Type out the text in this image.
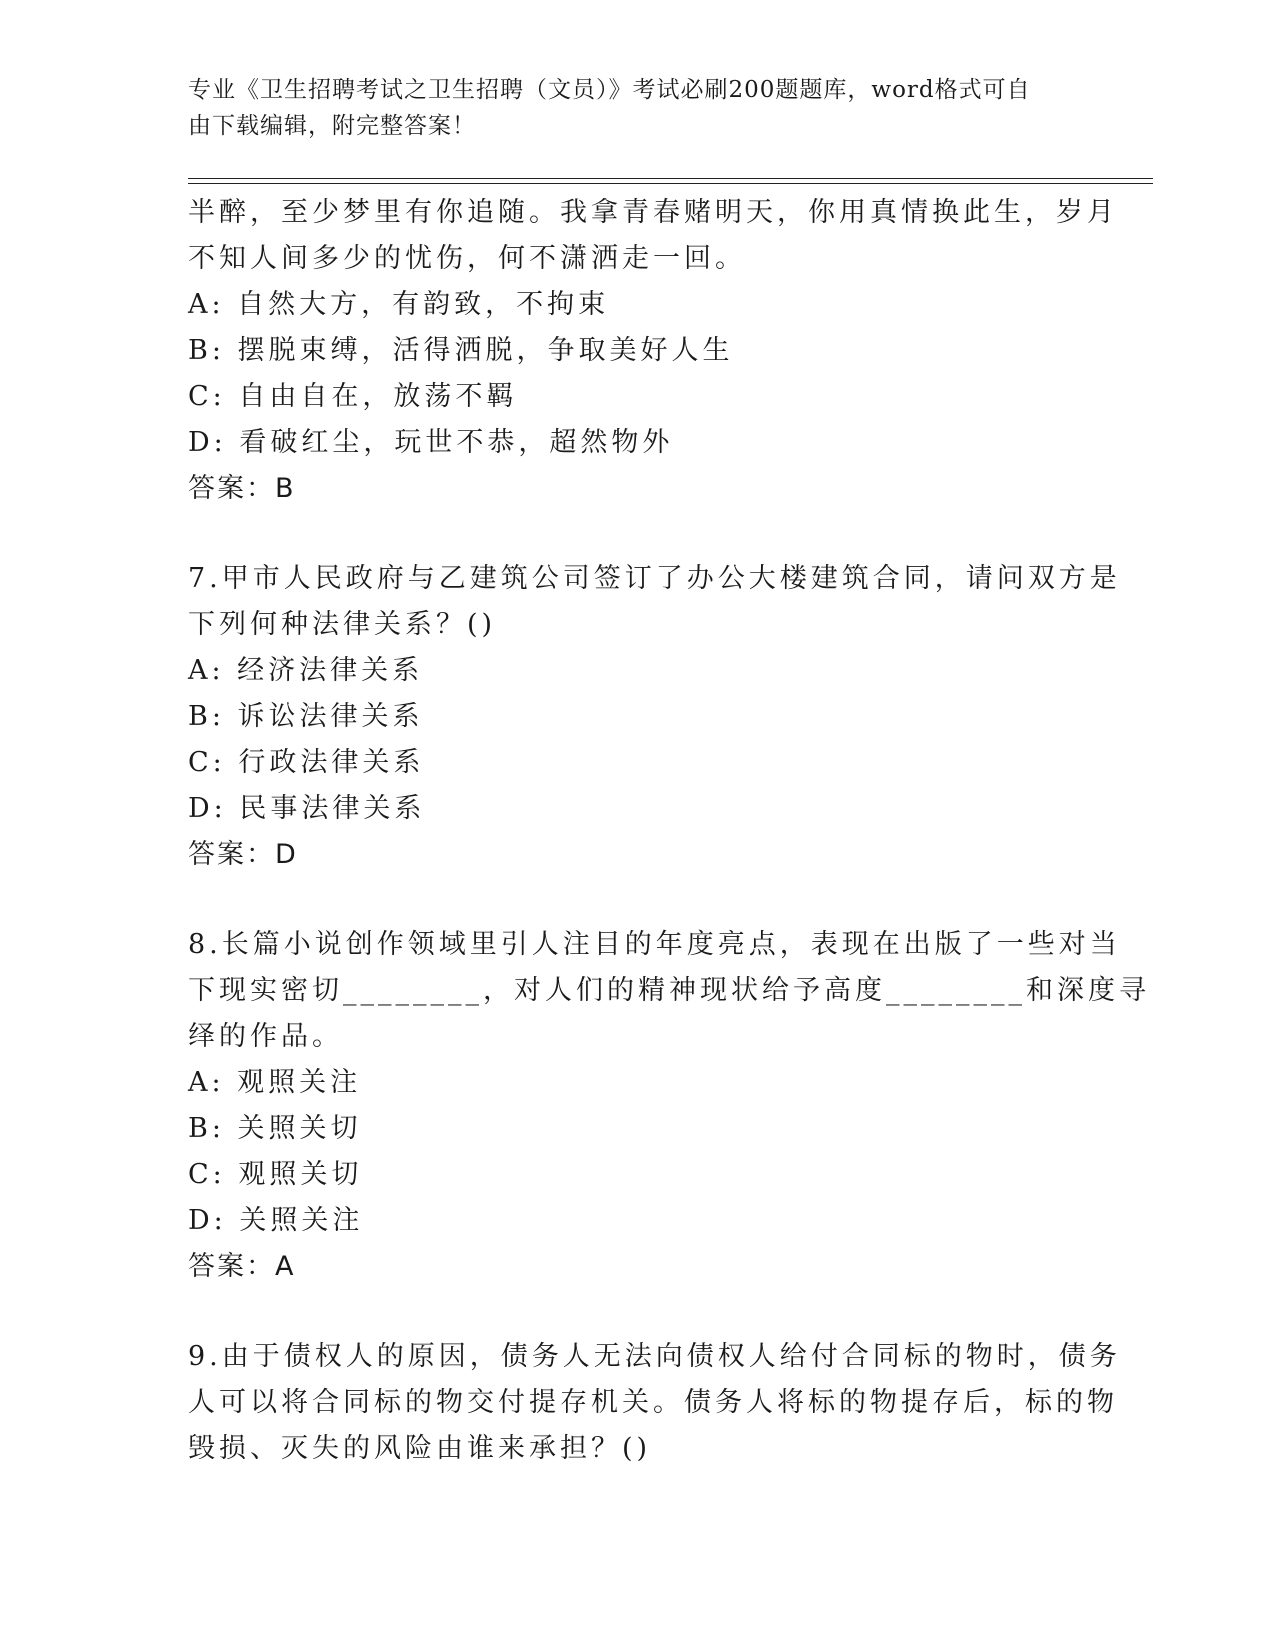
专业《卫生招聘考试之卫生招聘（文员）》考试必刷200题题库，word格式可自
由下载编辑，附完整答案！
半醉，至少梦里有你追随。我拿青春赌明天，你用真情换此生，岁月
不知人间多少的忧伤，何不潇洒走一回。
A: 自然大方，有韵致，不拘束
B: 摆脱束缚，活得洒脱，争取美好人生
C: 自由自在，放荡不羁
D: 看破红尘，玩世不恭，超然物外
答案：B
7.甲市人民政府与乙建筑公司签订了办公大楼建筑合同，请问双方是
下列何种法律关系？()
A: 经济法律关系
B: 诉讼法律关系
C: 行政法律关系
D: 民事法律关系
答案：D
8.长篇小说创作领域里引人注目的年度亮点，表现在出版了一些对当
下现实密切________，对人们的精神现状给予高度________和深度寻
绎的作品。
A: 观照关注
B: 关照关切
C: 观照关切
D: 关照关注
答案：A
9.由于债权人的原因，债务人无法向债权人给付合同标的物时，债务
人可以将合同标的物交付提存机关。债务人将标的物提存后，标的物
毁损、灭失的风险由谁来承担？()
